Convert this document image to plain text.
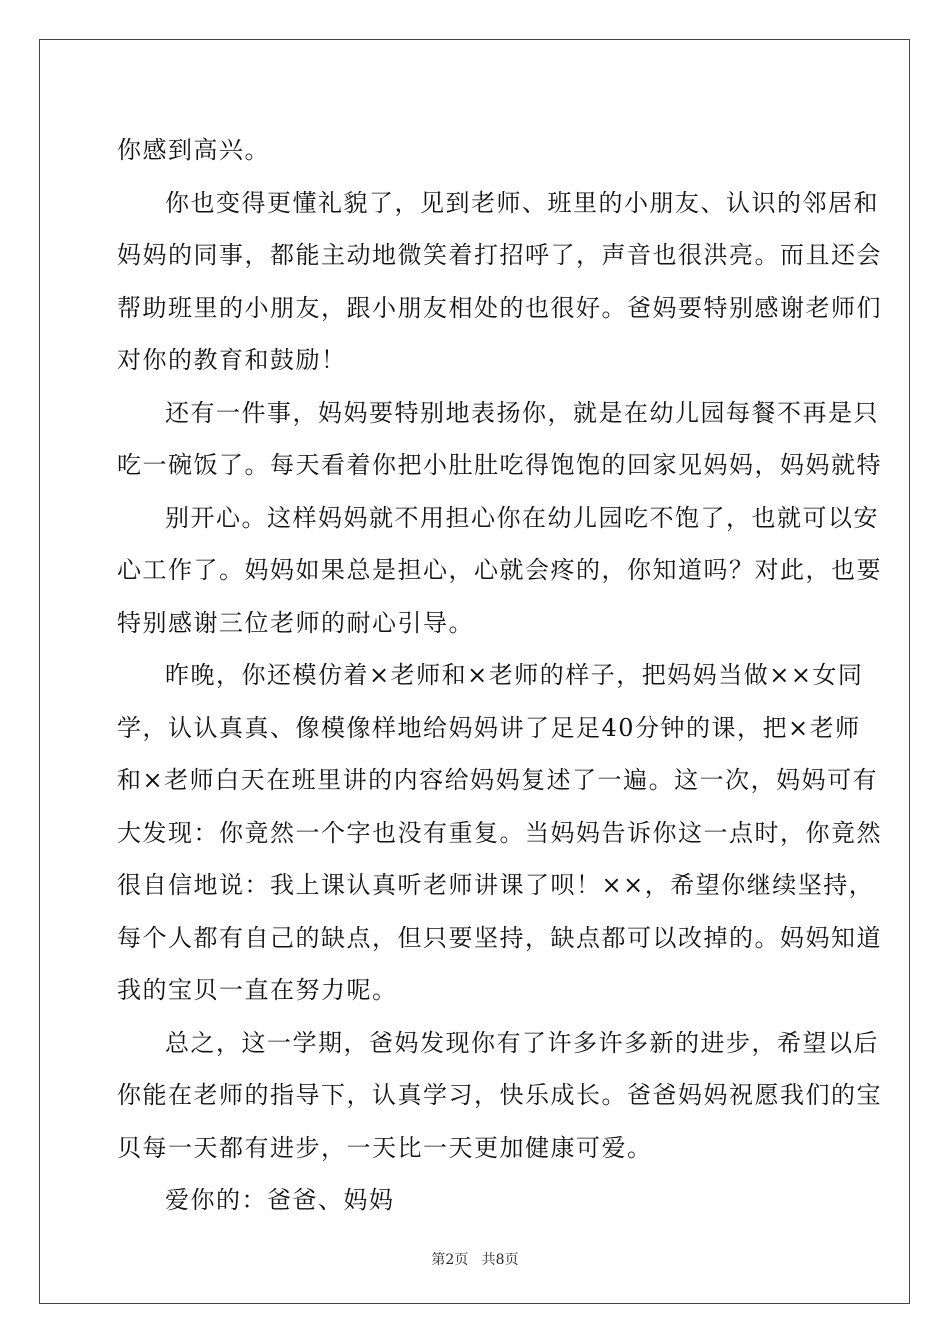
你感到高兴。
你也变得更懂礼貌了，见到老师、班里的小朋友、认识的邻居和
妈妈的同事，都能主动地微笑着打招呼了，声音也很洪亮。而且还会
帮助班里的小朋友，跟小朋友相处的也很好。爸妈要特别感谢老师们
对你的教育和鼓励！
还有一件事，妈妈要特别地表扬你，就是在幼儿园每餐不再是只
吃一碗饭了。每天看着你把小肚肚吃得饱饱的回家见妈妈，妈妈就特
别开心。这样妈妈就不用担心你在幼儿园吃不饱了，也就可以安
心工作了。妈妈如果总是担心，心就会疼的，你知道吗？对此，也要
特别感谢三位老师的耐心引导。
昨晚，你还模仿着×老师和×老师的样子，把妈妈当做××女同
学，认认真真、像模像样地给妈妈讲了足足40分钟的课，把×老师
和×老师白天在班里讲的内容给妈妈复述了一遍。这一次，妈妈可有
大发现：你竟然一个字也没有重复。当妈妈告诉你这一点时，你竟然
很自信地说：我上课认真听老师讲课了呗！××，希望你继续坚持，
每个人都有自己的缺点，但只要坚持，缺点都可以改掉的。妈妈知道
我的宝贝一直在努力呢。
总之，这一学期，爸妈发现你有了许多许多新的进步，希望以后
你能在老师的指导下，认真学习，快乐成长。爸爸妈妈祝愿我们的宝
贝每一天都有进步，一天比一天更加健康可爱。
爱你的：爸爸、妈妈
第2页   共8页
